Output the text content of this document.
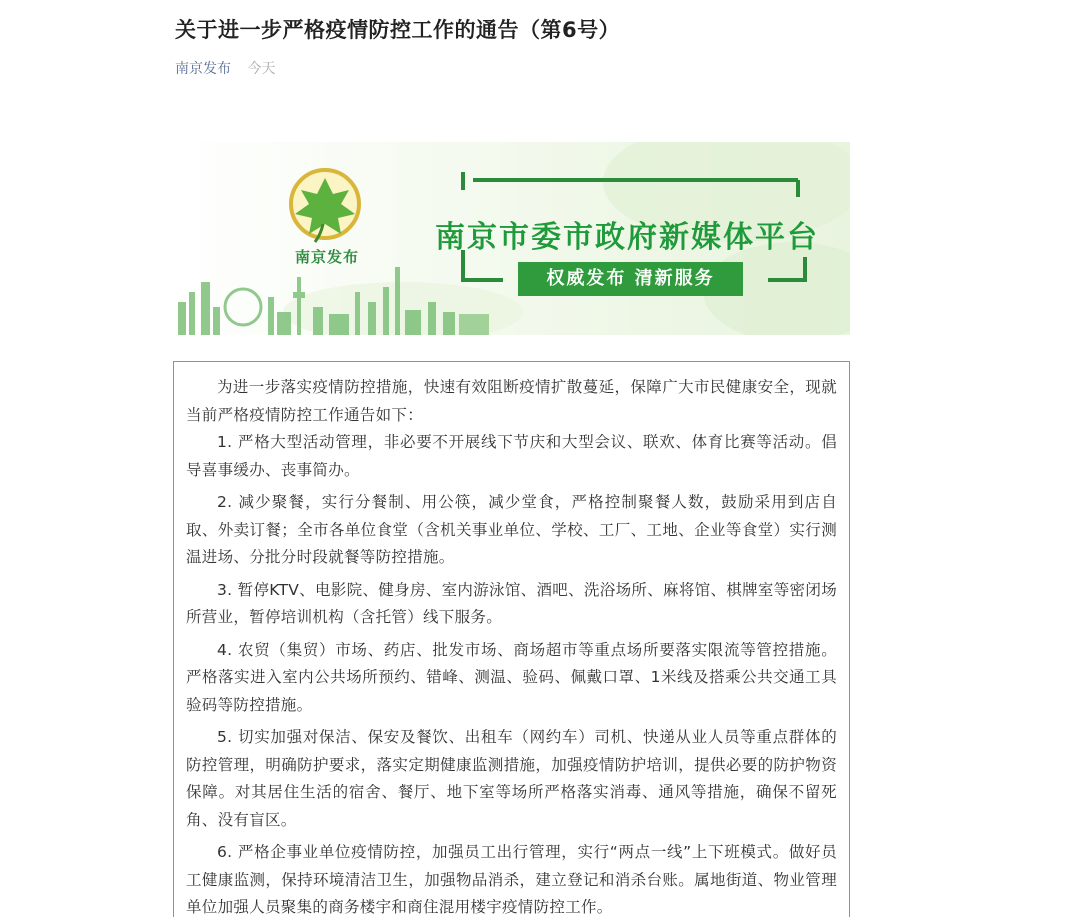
关于进一步严格疫情防控工作的通告（第6号）
南京发布 今天
南京发布
南京市委市政府新媒体平台
权威发布 清新服务

为进一步落实疫情防控措施，快速有效阻断疫情扩散蔓延，保障广大市民健康安全，现就当前严格疫情防控工作通告如下：

1. 严格大型活动管理，非必要不开展线下节庆和大型会议、联欢、体育比赛等活动。倡导喜事缓办、丧事简办。

2. 减少聚餐，实行分餐制、用公筷，减少堂食，严格控制聚餐人数，鼓励采用到店自取、外卖订餐；全市各单位食堂（含机关事业单位、学校、工厂、工地、企业等食堂）实行测温进场、分批分时段就餐等防控措施。

3. 暂停KTV、电影院、健身房、室内游泳馆、酒吧、洗浴场所、麻将馆、棋牌室等密闭场所营业，暂停培训机构（含托管）线下服务。

4. 农贸（集贸）市场、药店、批发市场、商场超市等重点场所要落实限流等管控措施。严格落实进入室内公共场所预约、错峰、测温、验码、佩戴口罩、1米线及搭乘公共交通工具验码等防控措施。

5. 切实加强对保洁、保安及餐饮、出租车（网约车）司机、快递从业人员等重点群体的防控管理，明确防护要求，落实定期健康监测措施，加强疫情防护培训，提供必要的防护物资保障。对其居住生活的宿舍、餐厅、地下室等场所严格落实消毒、通风等措施，确保不留死角、没有盲区。

6. 严格企事业单位疫情防控，加强员工出行管理，实行“两点一线”上下班模式。做好员工健康监测，保持环境清洁卫生，加强物品消杀，建立登记和消杀台账。属地街道、物业管理单位加强人员聚集的商务楼宇和商住混用楼宇疫情防控工作。
